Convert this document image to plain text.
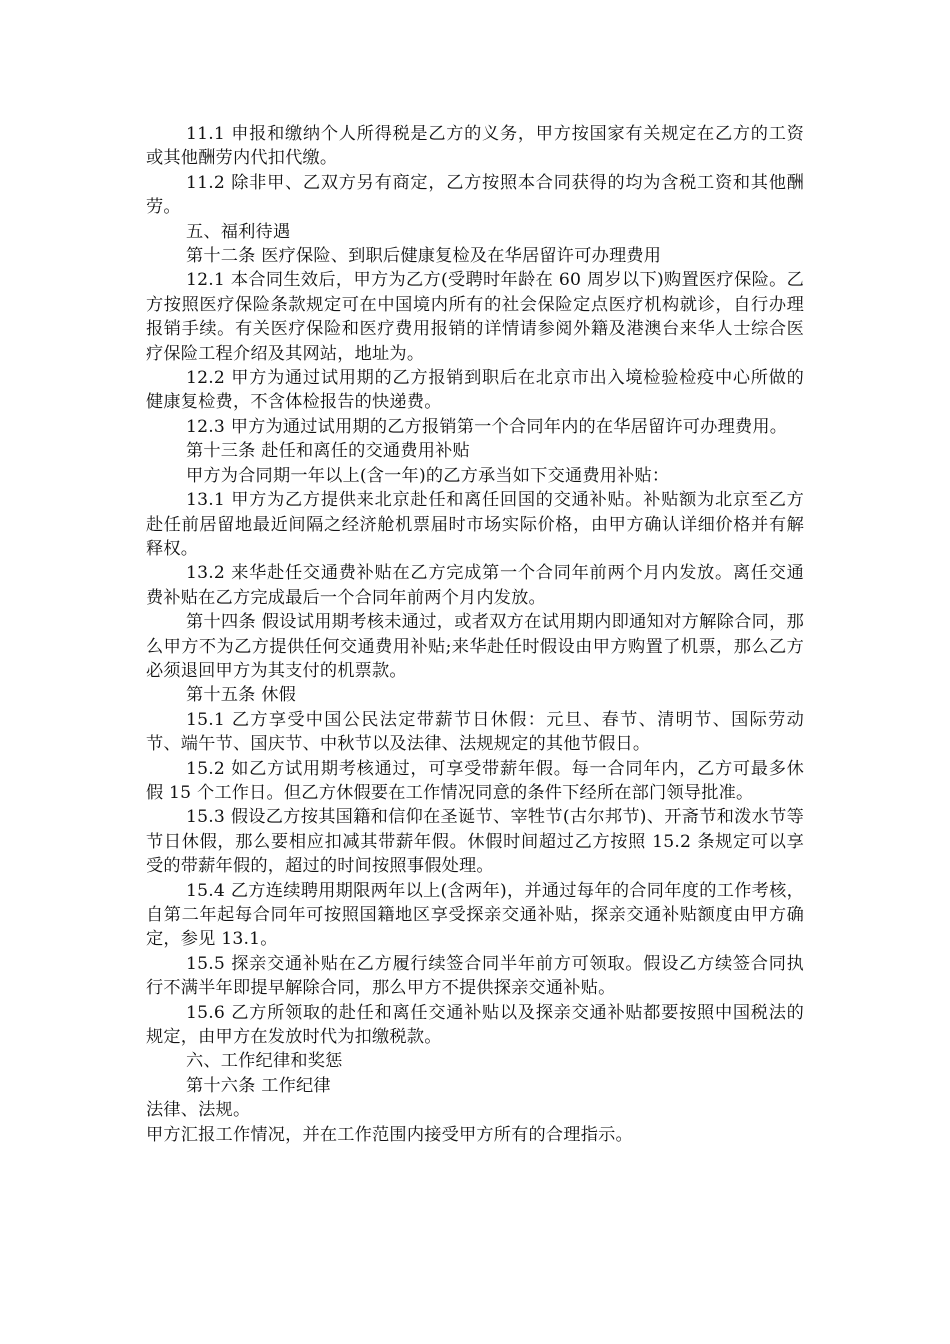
11.1 申报和缴纳个人所得税是乙方的义务，甲方按国家有关规定在乙方的工资或其他酬劳内代扣代缴。

11.2 除非甲、乙双方另有商定，乙方按照本合同获得的均为含税工资和其他酬劳。

五、福利待遇

第十二条 医疗保险、到职后健康复检及在华居留许可办理费用

12.1 本合同生效后，甲方为乙方(受聘时年龄在 60 周岁以下)购置医疗保险。乙方按照医疗保险条款规定可在中国境内所有的社会保险定点医疗机构就诊，自行办理报销手续。有关医疗保险和医疗费用报销的详情请参阅外籍及港澳台来华人士综合医疗保险工程介绍及其网站，地址为。

12.2 甲方为通过试用期的乙方报销到职后在北京市出入境检验检疫中心所做的健康复检费，不含体检报告的快递费。

12.3 甲方为通过试用期的乙方报销第一个合同年内的在华居留许可办理费用。

第十三条 赴任和离任的交通费用补贴

甲方为合同期一年以上(含一年)的乙方承当如下交通费用补贴：

13.1 甲方为乙方提供来北京赴任和离任回国的交通补贴。补贴额为北京至乙方赴任前居留地最近间隔之经济舱机票届时市场实际价格，由甲方确认详细价格并有解释权。

13.2 来华赴任交通费补贴在乙方完成第一个合同年前两个月内发放。离任交通费补贴在乙方完成最后一个合同年前两个月内发放。

第十四条 假设试用期考核未通过，或者双方在试用期内即通知对方解除合同，那么甲方不为乙方提供任何交通费用补贴;来华赴任时假设由甲方购置了机票，那么乙方必须退回甲方为其支付的机票款。

第十五条 休假

15.1 乙方享受中国公民法定带薪节日休假：元旦、春节、清明节、国际劳动节、端午节、国庆节、中秋节以及法律、法规规定的其他节假日。

15.2 如乙方试用期考核通过，可享受带薪年假。每一合同年内，乙方可最多休假 15 个工作日。但乙方休假要在工作情况同意的条件下经所在部门领导批准。

15.3 假设乙方按其国籍和信仰在圣诞节、宰牲节(古尔邦节)、开斋节和泼水节等节日休假，那么要相应扣减其带薪年假。休假时间超过乙方按照 15.2 条规定可以享受的带薪年假的，超过的时间按照事假处理。

15.4 乙方连续聘用期限两年以上(含两年)，并通过每年的合同年度的工作考核，自第二年起每合同年可按照国籍地区享受探亲交通补贴，探亲交通补贴额度由甲方确定，参见 13.1。

15.5 探亲交通补贴在乙方履行续签合同半年前方可领取。假设乙方续签合同执行不满半年即提早解除合同，那么甲方不提供探亲交通补贴。

15.6 乙方所领取的赴任和离任交通补贴以及探亲交通补贴都要按照中国税法的规定，由甲方在发放时代为扣缴税款。

六、工作纪律和奖惩

第十六条 工作纪律

法律、法规。

甲方汇报工作情况，并在工作范围内接受甲方所有的合理指示。
